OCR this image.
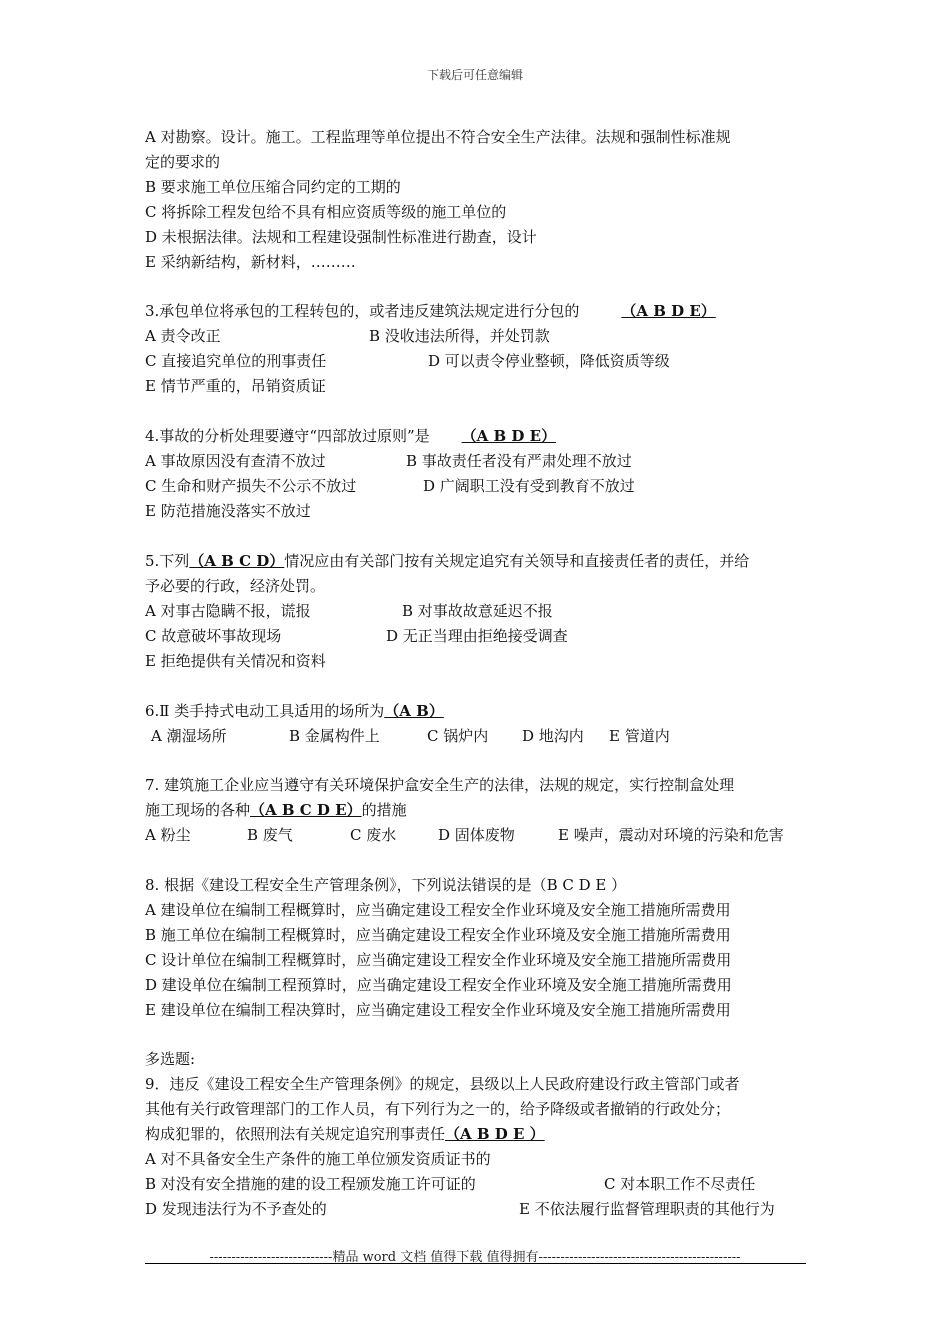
下载后可任意编辑
A 对勘察。设计。施工。工程监理等单位提出不符合安全生产法律。法规和强制性标准规
定的要求的
B 要求施工单位压缩合同约定的工期的
C 将拆除工程发包给不具有相应资质等级的施工单位的
D 未根据法律。法规和工程建设强制性标准进行勘查，设计
E 采纳新结构，新材料，………
3.承包单位将承包的工程转包的，或者违反建筑法规定进行分包的	（A B D E）
A 责令改正	B 没收违法所得，并处罚款
C 直接追究单位的刑事责任	D 可以责令停业整顿，降低资质等级
E 情节严重的，吊销资质证
4.事故的分析处理要遵守“四部放过原则”是 （A B D E）
A 事故原因没有查清不放过	B 事故责任者没有严肃处理不放过
C 生命和财产损失不公示不放过	D 广阔职工没有受到教育不放过
E 防范措施没落实不放过
5.下列（A B C D）情况应由有关部门按有关规定追究有关领导和直接责任者的责任，并给
予必要的行政，经济处罚。
A 对事古隐瞒不报，谎报	B 对事故故意延迟不报
C 故意破坏事故现场	D 无正当理由拒绝接受调查
E 拒绝提供有关情况和资料
6.Ⅱ 类手持式电动工具适用的场所为（A B）
A 潮湿场所	B 金属构件上	C 锅炉内 D 地沟内 E 管道内
7. 建筑施工企业应当遵守有关环境保护盒安全生产的法律，法规的规定，实行控制盒处理
施工现场的各种（A B C D E）的措施
A 粉尘	B 废气	C 废水	D 固体废物	E 噪声，震动对环境的污染和危害
8. 根据《建设工程安全生产管理条例》，下列说法错误的是（B C D E ）
A 建设单位在编制工程概算时，应当确定建设工程安全作业环境及安全施工措施所需费用
B 施工单位在编制工程概算时，应当确定建设工程安全作业环境及安全施工措施所需费用
C 设计单位在编制工程概算时，应当确定建设工程安全作业环境及安全施工措施所需费用
D 建设单位在编制工程预算时，应当确定建设工程安全作业环境及安全施工措施所需费用
E 建设单位在编制工程决算时，应当确定建设工程安全作业环境及安全施工措施所需费用
多选题:
9．违反《建设工程安全生产管理条例》的规定，县级以上人民政府建设行政主管部门或者
其他有关行政管理部门的工作人员，有下列行为之一的，给予降级或者撤销的行政处分；
构成犯罪的，依照刑法有关规定追究刑事责任（A B D E ）
A 对不具备安全生产条件的施工单位颁发资质证书的
B 对没有安全措施的建的设工程颁发施工许可证的	C 对本职工作不尽责任
D 发现违法行为不予查处的	E 不依法履行监督管理职责的其他行为
----------------------------精品 word 文档 值得下载 值得拥有----------------------------------------------
